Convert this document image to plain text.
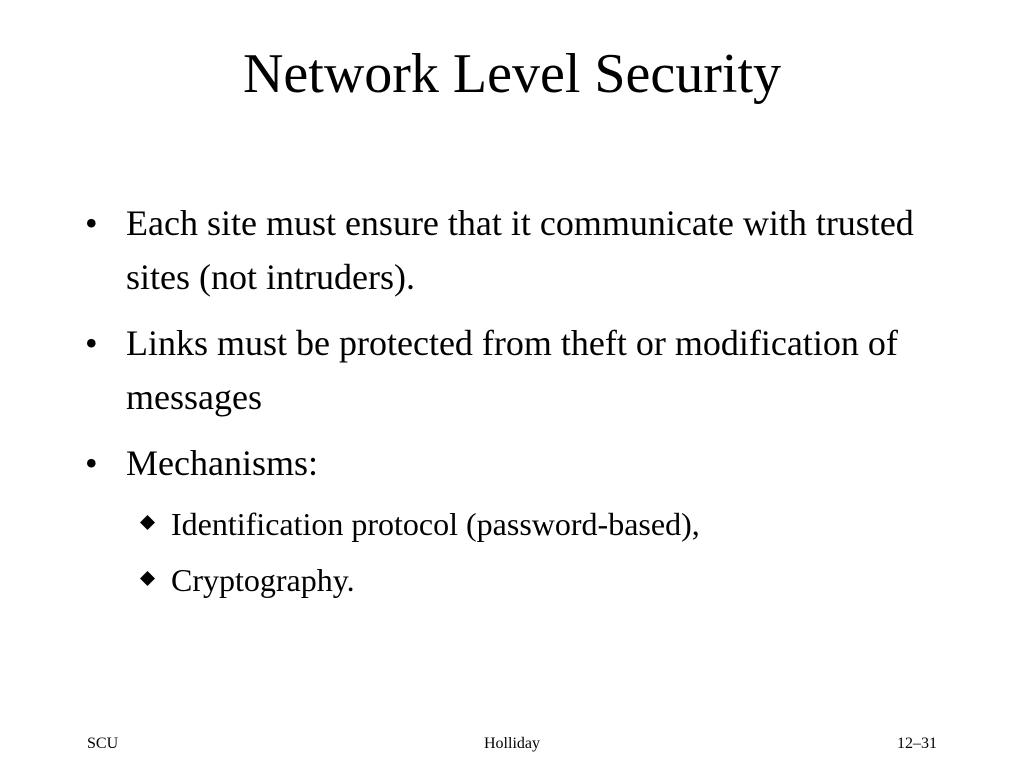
Network Level Security
• Each site must ensure that it communicate with trusted sites (not intruders).
• Links must be protected from theft or modification of messages
• Mechanisms:
Identification protocol (password-based),
Cryptography.
SCU	Holliday	12–31
